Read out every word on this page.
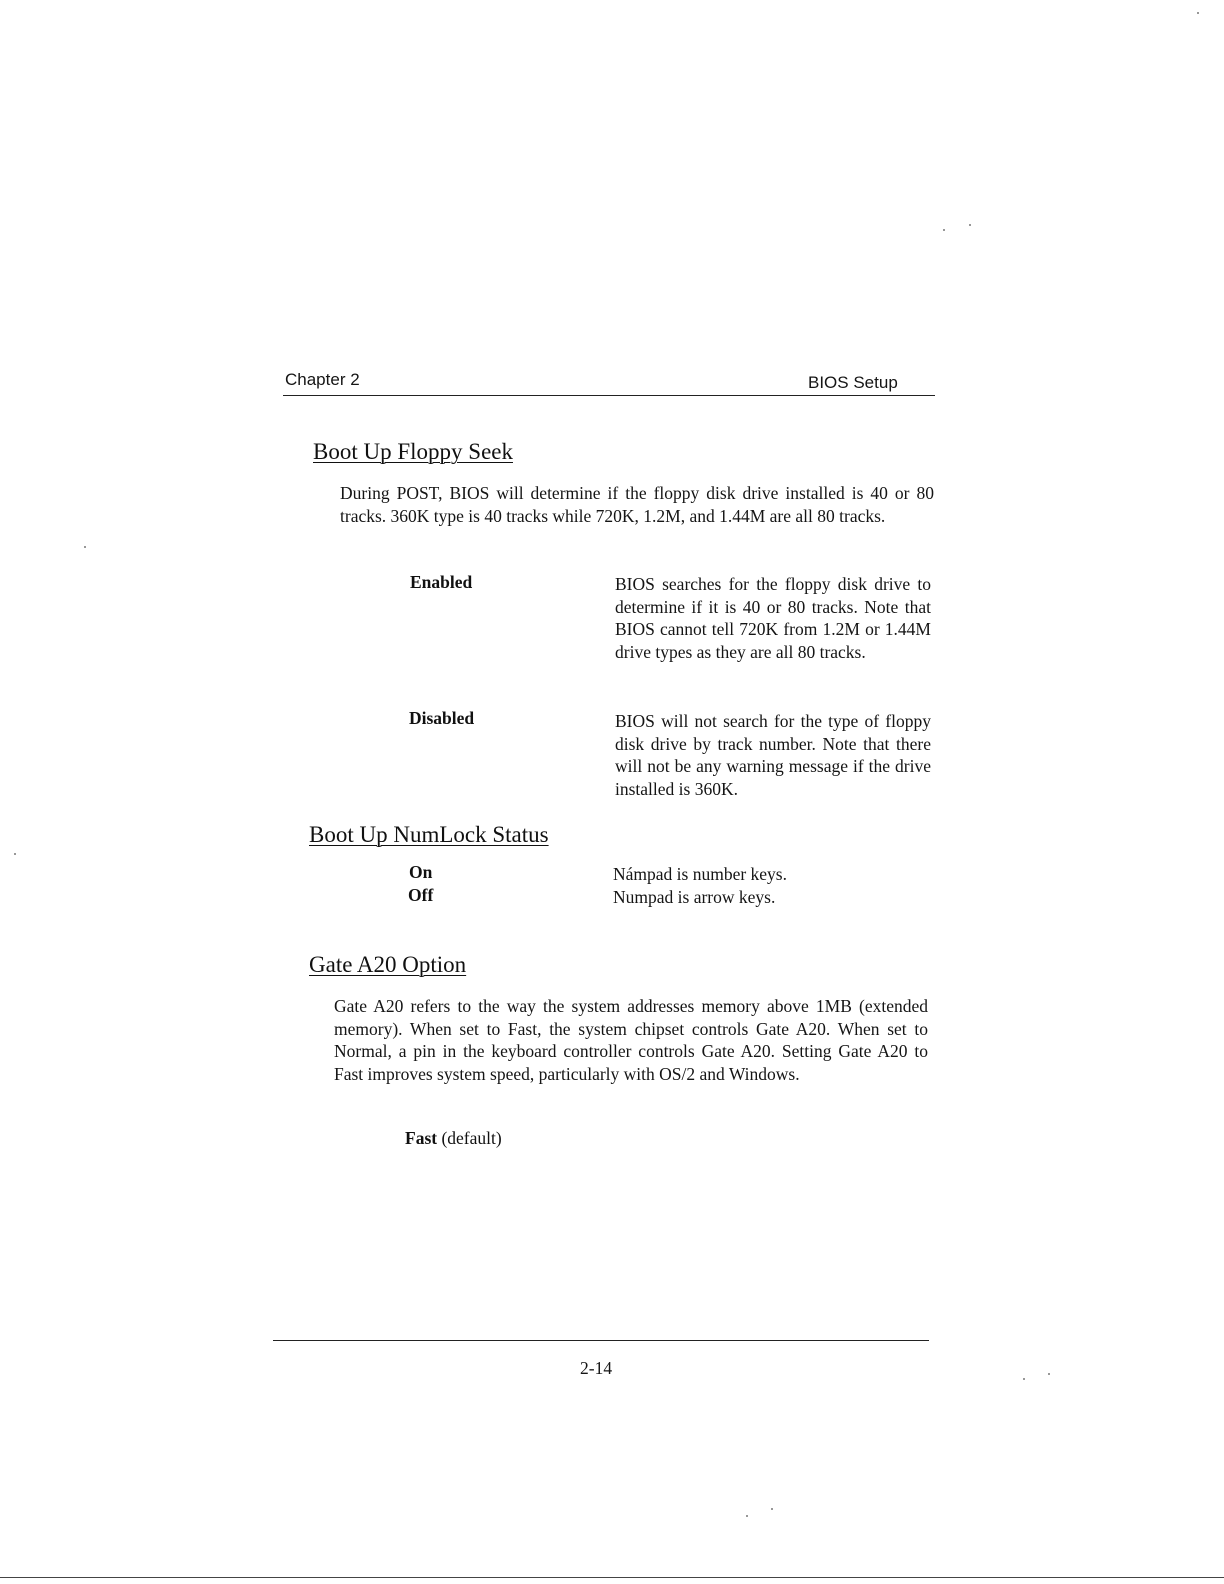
Chapter 2	BIOS Setup
Boot Up Floppy Seek
During POST, BIOS will determine if the floppy disk drive installed is 40 or 80 tracks. 360K type is 40 tracks while 720K, 1.2M, and 1.44M are all 80 tracks.
Enabled	BIOS searches for the floppy disk drive to determine if it is 40 or 80 tracks. Note that BIOS cannot tell 720K from 1.2M or 1.44M drive types as they are all 80 tracks.
Disabled	BIOS will not search for the type of floppy disk drive by track number. Note that there will not be any warning message if the drive installed is 360K.
Boot Up NumLock Status
On	Námpad is number keys.
Off	Numpad is arrow keys.
Gate A20 Option
Gate A20 refers to the way the system addresses memory above 1MB (extended memory). When set to Fast, the system chipset controls Gate A20. When set to Normal, a pin in the keyboard controller controls Gate A20. Setting Gate A20 to Fast improves system speed, particularly with OS/2 and Windows.
Fast (default)
2-14
